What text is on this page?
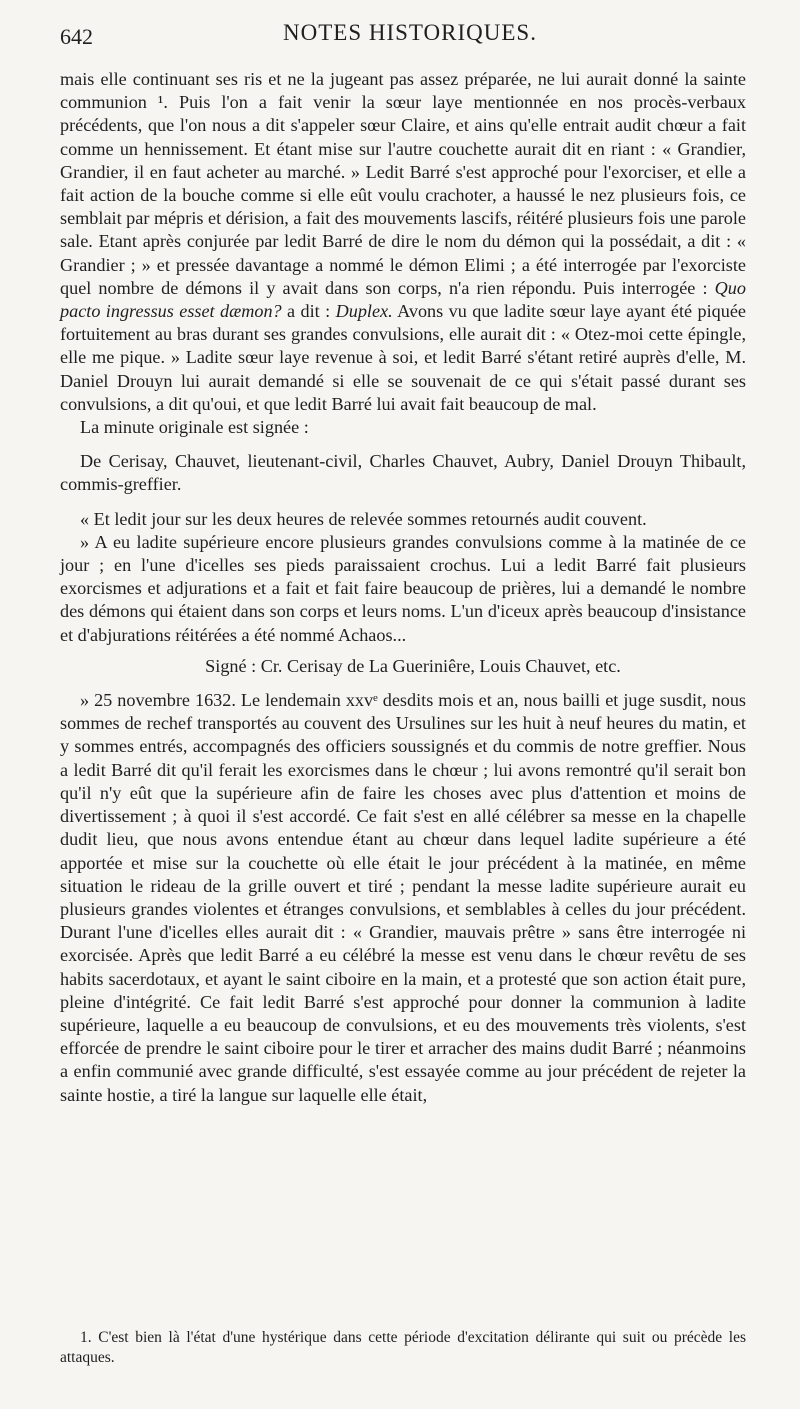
642	NOTES HISTORIQUES.

mais elle continuant ses ris et ne la jugeant pas assez préparée, ne lui aurait donné la sainte communion ¹. Puis l'on a fait venir la sœur laye mentionnée en nos procès-verbaux précédents, que l'on nous a dit s'appeler sœur Claire, et ains qu'elle entrait audit chœur a fait comme un hennissement. Et étant mise sur l'autre couchette aurait dit en riant : « Grandier, Grandier, il en faut acheter au marché. » Ledit Barré s'est approché pour l'exorciser, et elle a fait action de la bouche comme si elle eût voulu crachoter, a haussé le nez plusieurs fois, ce semblait par mépris et dérision, a fait des mouvements lascifs, réitéré plusieurs fois une parole sale. Etant après conjurée par ledit Barré de dire le nom du démon qui la possédait, a dit : « Grandier ; » et pressée davantage a nommé le démon Elimi ; a été interrogée par l'exorciste quel nombre de démons il y avait dans son corps, n'a rien répondu. Puis interrogée : Quo pacto ingressus esset dæmon? a dit : Duplex. Avons vu que ladite sœur laye ayant été piquée fortuitement au bras durant ses grandes convulsions, elle aurait dit : « Otez-moi cette épingle, elle me pique. » Ladite sœur laye revenue à soi, et ledit Barré s'étant retiré auprès d'elle, M. Daniel Drouyn lui aurait demandé si elle se souvenait de ce qui s'était passé durant ses convulsions, a dit qu'oui, et que ledit Barré lui avait fait beaucoup de mal.

La minute originale est signée :

De Cerisay, Chauvet, lieutenant-civil, Charles Chauvet, Aubry, Daniel Drouyn Thibault, commis-greffier.

« Et ledit jour sur les deux heures de relevée sommes retournés audit couvent.

» A eu ladite supérieure encore plusieurs grandes convulsions comme à la matinée de ce jour ; en l'une d'icelles ses pieds paraissaient crochus. Lui a ledit Barré fait plusieurs exorcismes et adjurations et a fait et fait faire beaucoup de prières, lui a demandé le nombre des démons qui étaient dans son corps et leurs noms. L'un d'iceux après beaucoup d'insistance et d'abjurations réitérées a été nommé Achaos...

Signé : Cr. Cerisay de La Gueriniêre, Louis Chauvet, etc.

» 25 novembre 1632. Le lendemain xxvᵉ desdits mois et an, nous bailli et juge susdit, nous sommes de rechef transportés au couvent des Ursulines sur les huit à neuf heures du matin, et y sommes entrés, accompagnés des officiers soussignés et du commis de notre greffier. Nous a ledit Barré dit qu'il ferait les exorcismes dans le chœur ; lui avons remontré qu'il serait bon qu'il n'y eût que la supérieure afin de faire les choses avec plus d'attention et moins de divertissement ; à quoi il s'est accordé. Ce fait s'est en allé célébrer sa messe en la chapelle dudit lieu, que nous avons entendue étant au chœur dans lequel ladite supérieure a été apportée et mise sur la couchette où elle était le jour précédent à la matinée, en même situation le rideau de la grille ouvert et tiré ; pendant la messe ladite supérieure aurait eu plusieurs grandes violentes et étranges convulsions, et semblables à celles du jour précédent. Durant l'une d'icelles elles aurait dit : « Grandier, mauvais prêtre » sans être interrogée ni exorcisée. Après que ledit Barré a eu célébré la messe est venu dans le chœur revêtu de ses habits sacerdotaux, et ayant le saint ciboire en la main, et a protesté que son action était pure, pleine d'intégrité. Ce fait ledit Barré s'est approché pour donner la communion à ladite supérieure, laquelle a eu beaucoup de convulsions, et eu des mouvements très violents, s'est efforcée de prendre le saint ciboire pour le tirer et arracher des mains dudit Barré ; néanmoins a enfin communié avec grande difficulté, s'est essayée comme au jour précédent de rejeter la sainte hostie, a tiré la langue sur laquelle elle était,

1. C'est bien là l'état d'une hystérique dans cette période d'excitation délirante qui suit ou précède les attaques.
